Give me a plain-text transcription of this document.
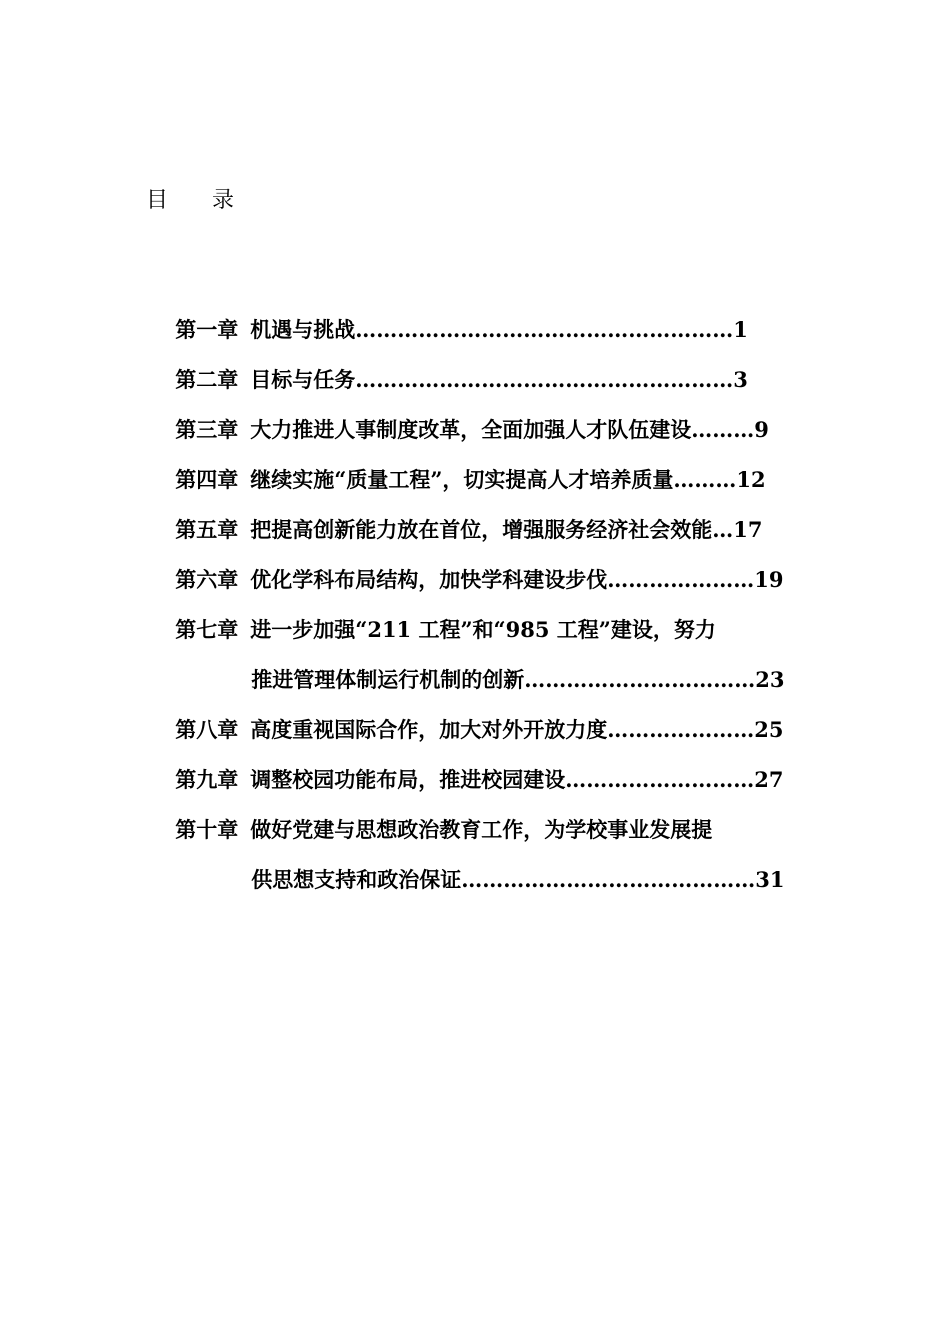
目 录

第一章 机遇与挑战………………………………………………1

第二章 目标与任务………………………………………………3

第三章 大力推进人事制度改革，全面加强人才队伍建设………9

第四章 继续实施“质量工程”，切实提高人才培养质量………12

第五章 把提高创新能力放在首位，增强服务经济社会效能…17

第六章 优化学科布局结构，加快学科建设步伐…………………19

第七章 进一步加强“211 工程”和“985 工程”建设，努力

推进管理体制运行机制的创新……………………………23

第八章 高度重视国际合作，加大对外开放力度…………………25

第九章 调整校园功能布局，推进校园建设………………………27

第十章 做好党建与思想政治教育工作，为学校事业发展提

供思想支持和政治保证……………………………………31
